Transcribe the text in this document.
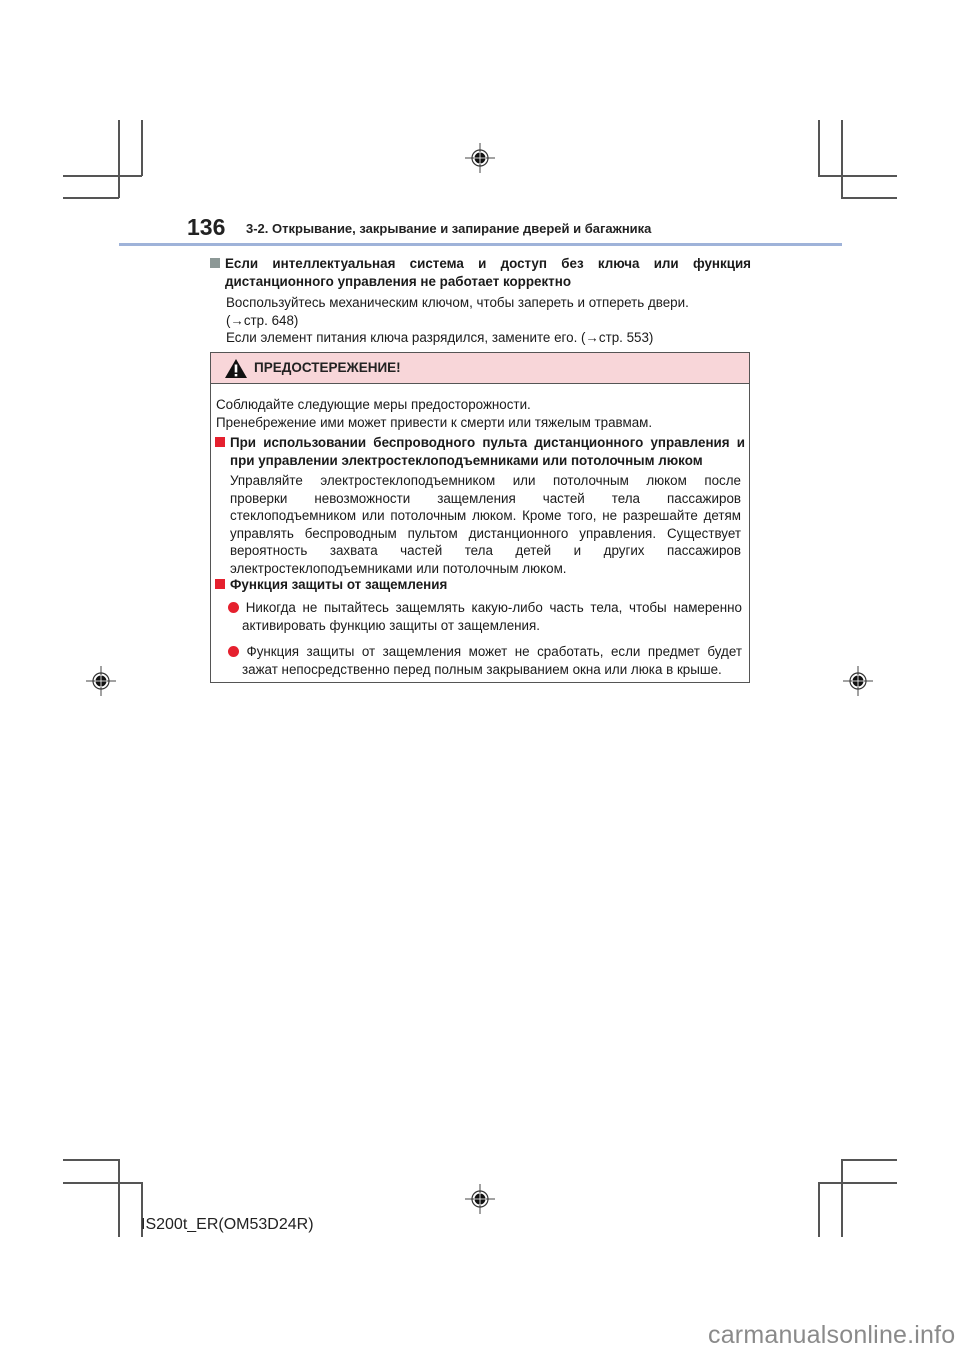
136 3-2. Открывание, закрывание и запирание дверей и багажника
Если интеллектуальная система и доступ без ключа или функция
дистанционного управления не работает корректно
Воспользуйтесь механическим ключом, чтобы запереть и отпереть двери.
(→стр. 648)
Если элемент питания ключа разрядился, замените его. (→стр. 553)
ПРЕДОСТЕРЕЖЕНИЕ!
Соблюдайте следующие меры предосторожности.
Пренебрежение ими может привести к смерти или тяжелым травмам.
При использовании беспроводного пульта дистанционного управления и
при управлении электростеклоподъемниками или потолочным люком
Управляйте электростеклоподъемником или потолочным люком после
проверки невозможности защемления частей тела пассажиров
стеклоподъемником или потолочным люком. Кроме того, не разрешайте детям
управлять беспроводным пультом дистанционного управления. Существует
вероятность захвата частей тела детей и других пассажиров
электростеклоподъемниками или потолочным люком.
Функция защиты от защемления
Никогда не пытайтесь защемлять какую-либо часть тела, чтобы намеренно
активировать функцию защиты от защемления.
Функция защиты от защемления может не сработать, если предмет будет
зажат непосредственно перед полным закрыванием окна или люка в крыше.
IS200t_ER(OM53D24R)
carmanualsonline.info
